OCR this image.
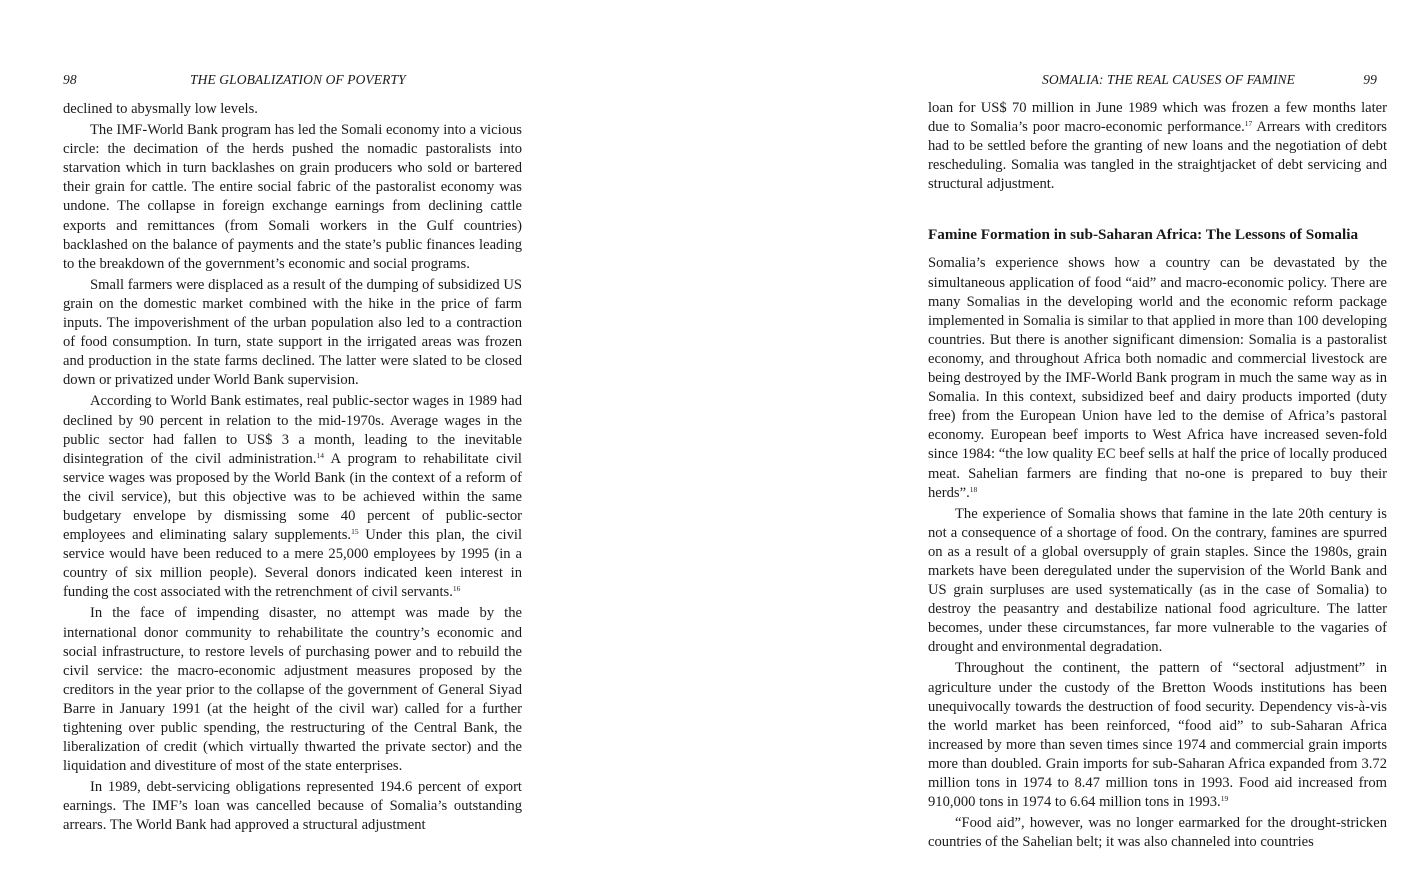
98	THE GLOBALIZATION OF POVERTY

declined to abysmally low levels.

The IMF-World Bank program has led the Somali economy into a vicious circle: the decimation of the herds pushed the nomadic pastoralists into starvation which in turn backlashes on grain producers who sold or bartered their grain for cattle. The entire social fabric of the pastoralist economy was undone. The collapse in foreign exchange earnings from declining cattle exports and remittances (from Somali workers in the Gulf countries) backlashed on the balance of payments and the state’s public finances leading to the breakdown of the government’s economic and social programs.

Small farmers were displaced as a result of the dumping of subsidized US grain on the domestic market combined with the hike in the price of farm inputs. The impoverishment of the urban population also led to a contraction of food consumption. In turn, state support in the irrigated areas was frozen and production in the state farms declined. The latter were slated to be closed down or privatized under World Bank supervision.

According to World Bank estimates, real public-sector wages in 1989 had declined by 90 percent in relation to the mid-1970s. Average wages in the public sector had fallen to US$ 3 a month, leading to the inevitable disintegration of the civil administration.$^{14}$ A program to rehabilitate civil service wages was proposed by the World Bank (in the context of a reform of the civil service), but this objective was to be achieved within the same budgetary envelope by dismissing some 40 percent of public-sector employees and eliminating salary supplements.$^{15}$ Under this plan, the civil service would have been reduced to a mere 25,000 employees by 1995 (in a country of six million people). Several donors indicated keen interest in funding the cost associated with the retrenchment of civil servants.$^{16}$

In the face of impending disaster, no attempt was made by the international donor community to rehabilitate the country’s economic and social infrastructure, to restore levels of purchasing power and to rebuild the civil service: the macro-economic adjustment measures proposed by the creditors in the year prior to the collapse of the government of General Siyad Barre in January 1991 (at the height of the civil war) called for a further tightening over public spending, the restructuring of the Central Bank, the liberalization of credit (which virtually thwarted the private sector) and the liquidation and divestiture of most of the state enterprises.

In 1989, debt-servicing obligations represented 194.6 percent of export earnings. The IMF’s loan was cancelled because of Somalia’s outstanding arrears. The World Bank had approved a structural adjustment

SOMALIA: THE REAL CAUSES OF FAMINE	99

loan for US$ 70 million in June 1989 which was frozen a few months later due to Somalia’s poor macro-economic performance.$^{17}$ Arrears with creditors had to be settled before the granting of new loans and the negotiation of debt rescheduling. Somalia was tangled in the straightjacket of debt servicing and structural adjustment.

Famine Formation in sub-Saharan Africa: The Lessons of Somalia

Somalia’s experience shows how a country can be devastated by the simultaneous application of food “aid” and macro-economic policy. There are many Somalias in the developing world and the economic reform package implemented in Somalia is similar to that applied in more than 100 developing countries. But there is another significant dimension: Somalia is a pastoralist economy, and throughout Africa both nomadic and commercial livestock are being destroyed by the IMF-World Bank program in much the same way as in Somalia. In this context, subsidized beef and dairy products imported (duty free) from the European Union have led to the demise of Africa’s pastoral economy. European beef imports to West Africa have increased seven-fold since 1984: “the low quality EC beef sells at half the price of locally produced meat. Sahelian farmers are finding that no-one is prepared to buy their herds”.$^{18}$

The experience of Somalia shows that famine in the late 20th century is not a consequence of a shortage of food. On the contrary, famines are spurred on as a result of a global oversupply of grain staples. Since the 1980s, grain markets have been deregulated under the supervision of the World Bank and US grain surpluses are used systematically (as in the case of Somalia) to destroy the peasantry and destabilize national food agriculture. The latter becomes, under these circumstances, far more vulnerable to the vagaries of drought and environmental degradation.

Throughout the continent, the pattern of “sectoral adjustment” in agriculture under the custody of the Bretton Woods institutions has been unequivocally towards the destruction of food security. Dependency vis-à-vis the world market has been reinforced, “food aid” to sub-Saharan Africa increased by more than seven times since 1974 and commercial grain imports more than doubled. Grain imports for sub-Saharan Africa expanded from 3.72 million tons in 1974 to 8.47 million tons in 1993. Food aid increased from 910,000 tons in 1974 to 6.64 million tons in 1993.19

“Food aid”, however, was no longer earmarked for the drought-stricken countries of the Sahelian belt; it was also channeled into countries
